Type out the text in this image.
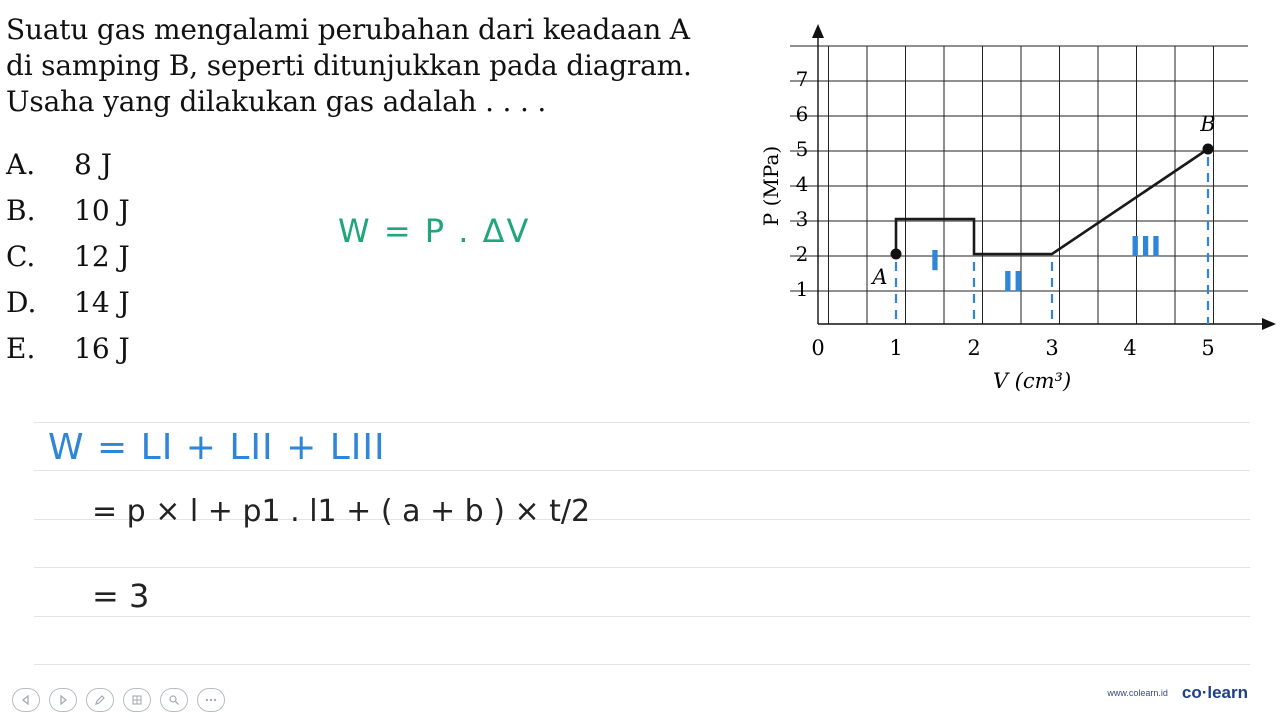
Suatu gas mengalami perubahan dari keadaan A
di samping B, seperti ditunjukkan pada diagram.
Usaha yang dilakukan gas adalah . . . .
A. 8 J
B. 10 J
C. 12 J
D. 14 J
E. 16 J
W = P . ΔV
W = LI + LII + LIII
= p × l + p1 . l1 + ( a + b ) × t/2
= 3
0	1	2	3	4	5
1
2
3
4
5
6
7
V (cm³)
P (MPa)
A
B
I
II
III
www.colearn.id co·learn
